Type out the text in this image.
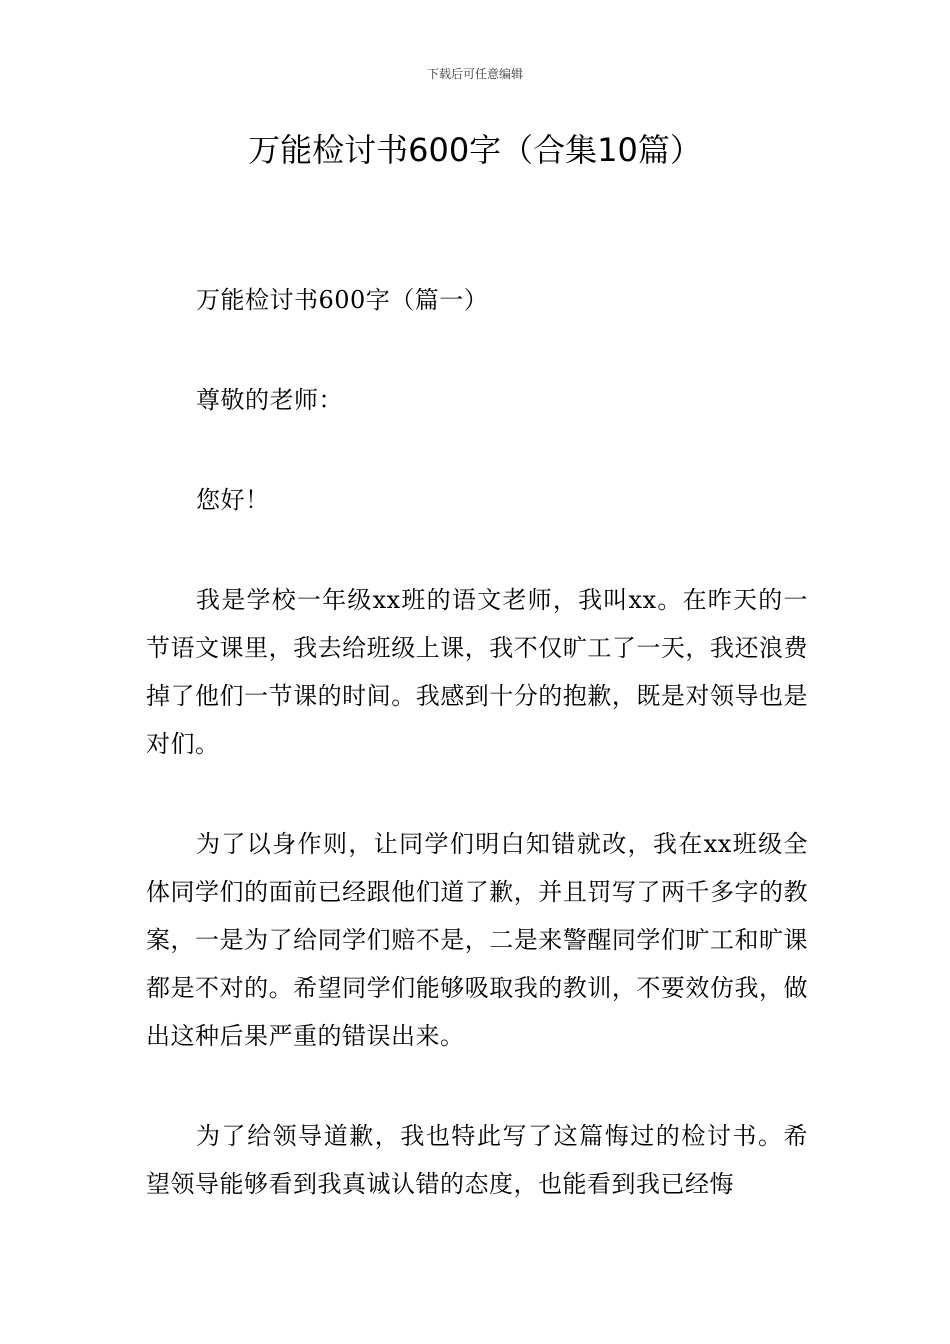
下载后可任意编辑
万能检讨书600字（合集10篇）

万能检讨书600字（篇一）

尊敬的老师：

您好！

我是学校一年级xx班的语文老师，我叫xx。在昨天的一节语文课里，我去给班级上课，我不仅旷工了一天，我还浪费掉了他们一节课的时间。我感到十分的抱歉，既是对领导也是对们。

为了以身作则，让同学们明白知错就改，我在xx班级全体同学们的面前已经跟他们道了歉，并且罚写了两千多字的教案，一是为了给同学们赔不是，二是来警醒同学们旷工和旷课都是不对的。希望同学们能够吸取我的教训，不要效仿我，做出这种后果严重的错误出来。

为了给领导道歉，我也特此写了这篇悔过的检讨书。希望领导能够看到我真诚认错的态度，也能看到我已经悔
